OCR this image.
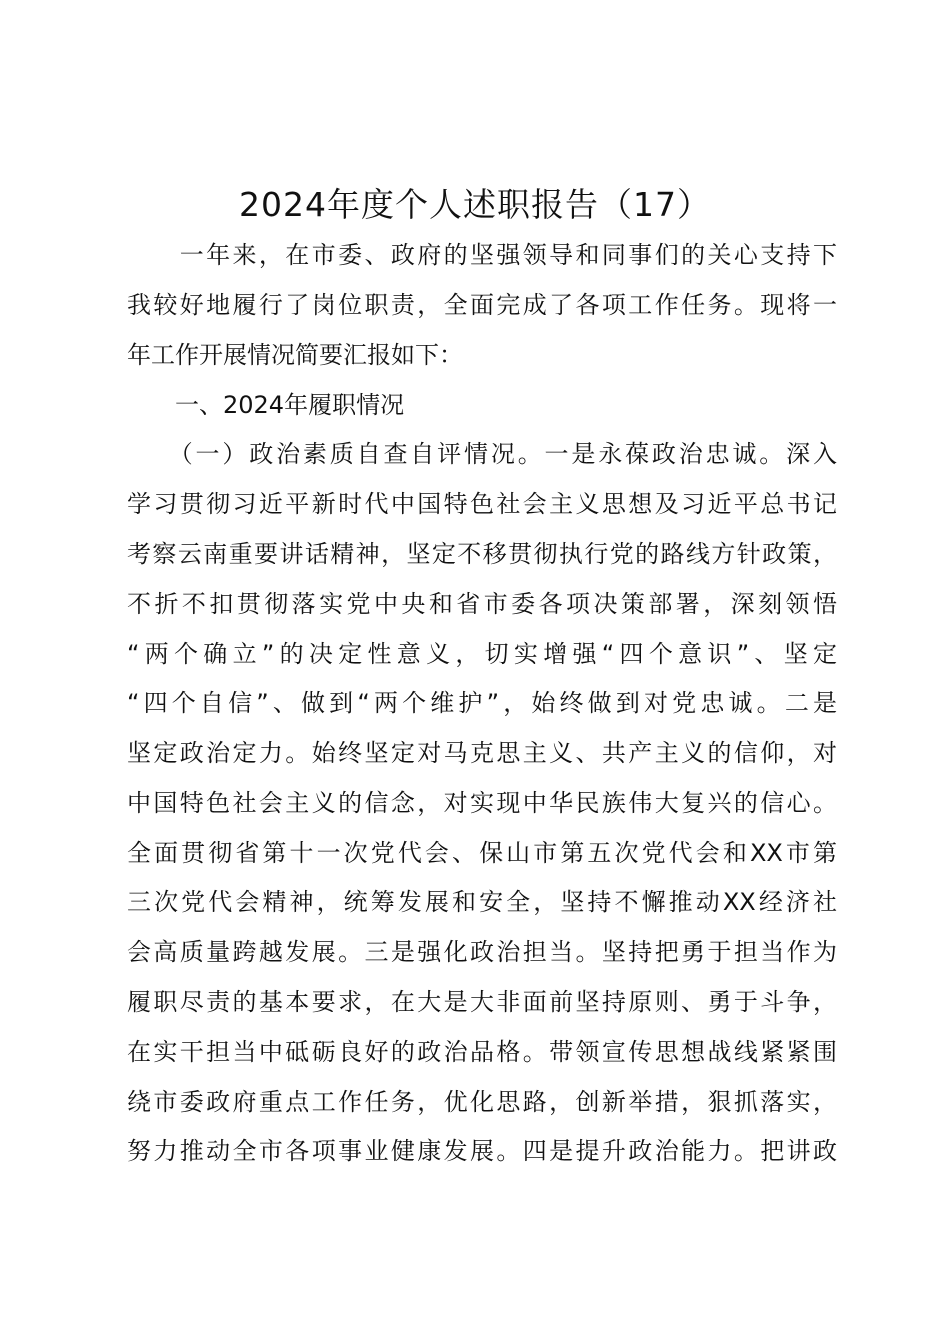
2024年度个人述职报告（17）
　　一年来，在市委、政府的坚强领导和同事们的关心支持下
我较好地履行了岗位职责，全面完成了各项工作任务。现将一
年工作开展情况简要汇报如下：
　　一、2024年履职情况
　　（一）政治素质自查自评情况。一是永葆政治忠诚。深入
学习贯彻习近平新时代中国特色社会主义思想及习近平总书记
考察云南重要讲话精神，坚定不移贯彻执行党的路线方针政策，
不折不扣贯彻落实党中央和省市委各项决策部署，深刻领悟
“两个确立”的决定性意义，切实增强“四个意识”、坚定
“四个自信”、做到“两个维护”，始终做到对党忠诚。二是
坚定政治定力。始终坚定对马克思主义、共产主义的信仰，对
中国特色社会主义的信念，对实现中华民族伟大复兴的信心。
全面贯彻省第十一次党代会、保山市第五次党代会和XX市第
三次党代会精神，统筹发展和安全，坚持不懈推动XX经济社
会高质量跨越发展。三是强化政治担当。坚持把勇于担当作为
履职尽责的基本要求，在大是大非面前坚持原则、勇于斗争，
在实干担当中砥砺良好的政治品格。带领宣传思想战线紧紧围
绕市委政府重点工作任务，优化思路，创新举措，狠抓落实，
努力推动全市各项事业健康发展。四是提升政治能力。把讲政
